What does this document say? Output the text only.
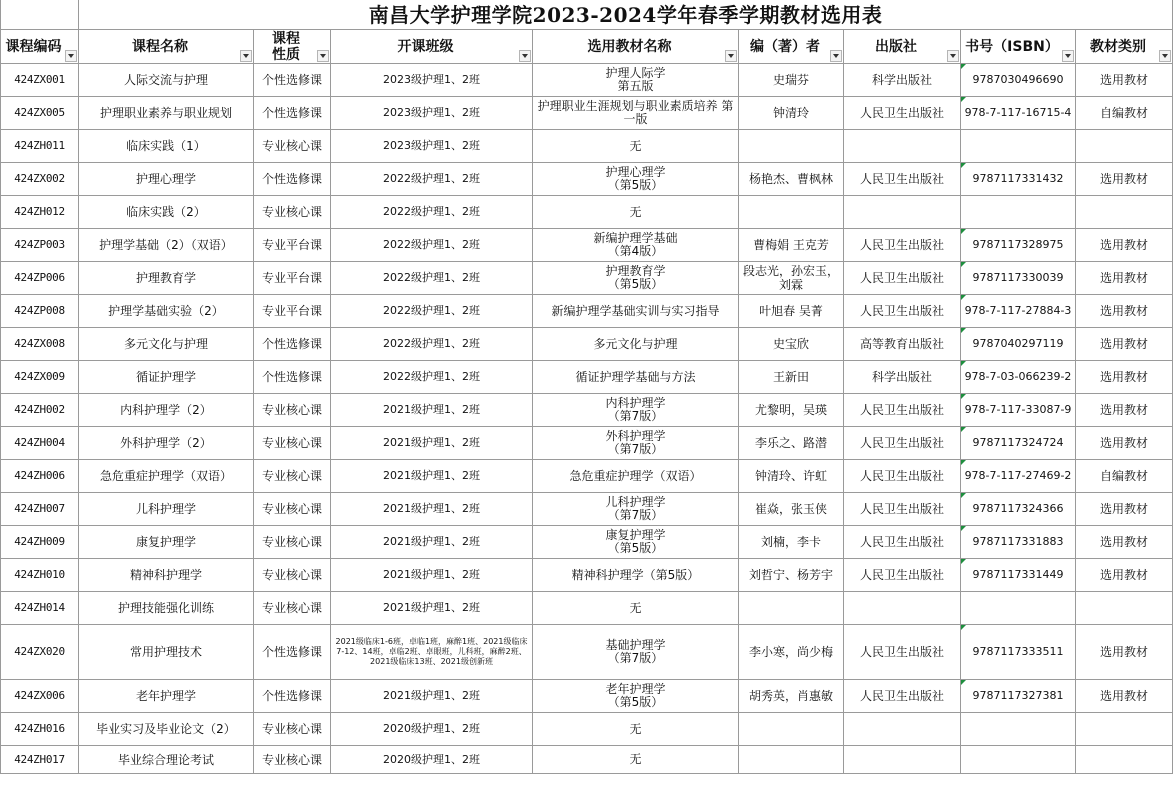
	南昌大学护理学院2023-2024学年春季学期教材选用表							
课程编码	课程名称	课程
性质	开课班级	选用教材名称	编（著）者	出版社	书号（ISBN）	教材类别

424ZX001	人际交流与护理	个性选修课	2023级护理1、2班	护理人际学
第五版	史瑞芬	科学出版社	9787030496690	选用教材
424ZX005	护理职业素养与职业规划	个性选修课	2023级护理1、2班	护理职业生涯规划与职业素质培养 第一版	钟清玲	人民卫生出版社	978-7-117-16715-4	自编教材
424ZH011	临床实践（1）	专业核心课	2023级护理1、2班	无				
424ZX002	护理心理学	个性选修课	2022级护理1、2班	护理心理学
（第5版）	杨艳杰、曹枫林	人民卫生出版社	9787117331432	选用教材
424ZH012	临床实践（2）	专业核心课	2022级护理1、2班	无				
424ZP003	护理学基础（2）（双语）	专业平台课	2022级护理1、2班	新编护理学基础
（第4版）	曹梅娟 王克芳	人民卫生出版社	9787117328975	选用教材
424ZP006	护理教育学	专业平台课	2022级护理1、2班	护理教育学
（第5版）	段志光，孙宏玉，刘霖	人民卫生出版社	9787117330039	选用教材
424ZP008	护理学基础实验（2）	专业平台课	2022级护理1、2班	新编护理学基础实训与实习指导	叶旭春 吴菁	人民卫生出版社	978-7-117-27884-3	选用教材
424ZX008	多元文化与护理	个性选修课	2022级护理1、2班	多元文化与护理	史宝欣	高等教育出版社	9787040297119	选用教材
424ZX009	循证护理学	个性选修课	2022级护理1、2班	循证护理学基础与方法	王新田	科学出版社	978-7-03-066239-2	选用教材
424ZH002	内科护理学（2）	专业核心课	2021级护理1、2班	内科护理学
（第7版）	尤黎明，吴瑛	人民卫生出版社	978-7-117-33087-9	选用教材
424ZH004	外科护理学（2）	专业核心课	2021级护理1、2班	外科护理学
（第7版）	李乐之、路潜	人民卫生出版社	9787117324724	选用教材
424ZH006	急危重症护理学（双语）	专业核心课	2021级护理1、2班	急危重症护理学（双语）	钟清玲、许虹	人民卫生出版社	978-7-117-27469-2	自编教材
424ZH007	儿科护理学	专业核心课	2021级护理1、2班	儿科护理学
（第7版）	崔焱，张玉侠	人民卫生出版社	9787117324366	选用教材
424ZH009	康复护理学	专业核心课	2021级护理1、2班	康复护理学
（第5版）	刘楠，李卡	人民卫生出版社	9787117331883	选用教材
424ZH010	精神科护理学	专业核心课	2021级护理1、2班	精神科护理学（第5版）	刘哲宁、杨芳宇	人民卫生出版社	9787117331449	选用教材
424ZH014	护理技能强化训练	专业核心课	2021级护理1、2班	无				
424ZX020	常用护理技术	个性选修课	2021级临床1-6班，卓临1班，麻醉1班、2021级临床7-12、14班，卓临2班、卓眼班，儿科班，麻醉2班、2021级临床13班、2021级创新班	基础护理学
（第7版）	李小寒，尚少梅	人民卫生出版社	9787117333511	选用教材
424ZX006	老年护理学	个性选修课	2021级护理1、2班	老年护理学
（第5版）	胡秀英，肖惠敏	人民卫生出版社	9787117327381	选用教材
424ZH016	毕业实习及毕业论文（2）	专业核心课	2020级护理1、2班	无				
424ZH017	毕业综合理论考试	专业核心课	2020级护理1、2班	无				
